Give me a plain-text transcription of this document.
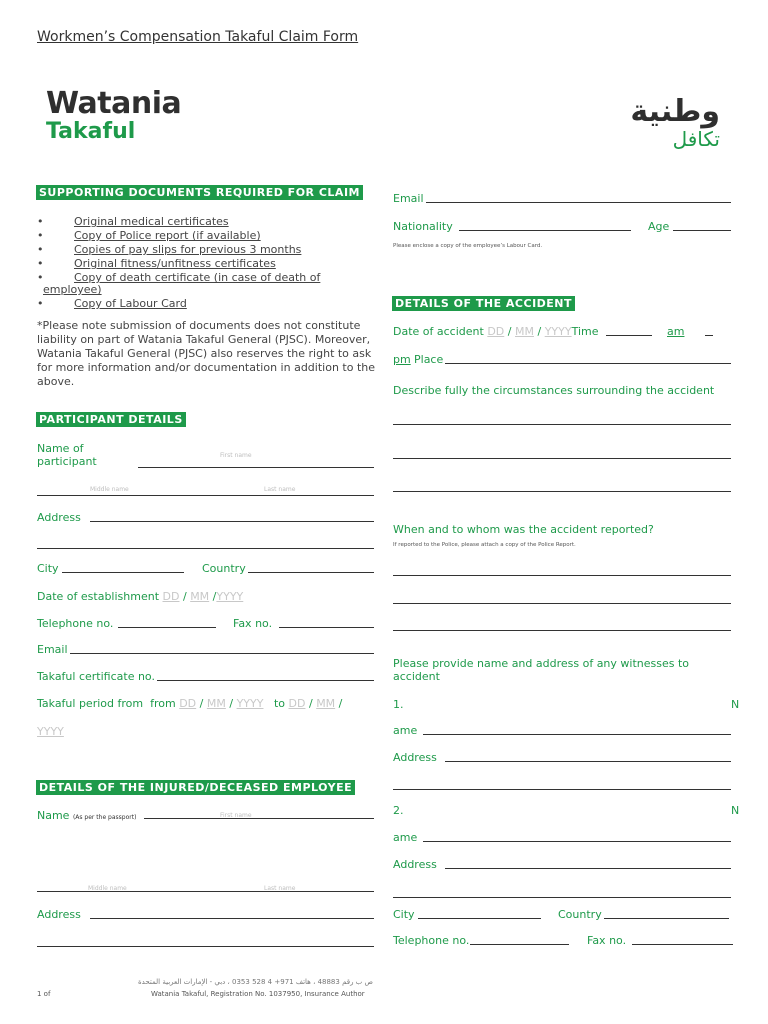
Workmen’s Compensation Takaful Claim Form
Watania
Takaful
وطنية
تكافل
SUPPORTING DOCUMENTS REQUIRED FOR CLAIM
•	Original medical certificates
•	Copy of Police report (if available)
•	Copies of pay slips for previous 3 months
•	Original fitness/unfitness certificates
•	Copy of death certificate (in case of death of
employee)
•	Copy of Labour Card
*Please note submission of documents does not constitute liability on part of Watania Takaful General (PJSC). Moreover, Watania Takaful General (PJSC) also reserves the right to ask for more information and/or documentation in addition to the above.
PARTICIPANT DETAILS
Name of
participant	First name
Middle name	Last name
Address
City	Country
Date of establishment DD / MM /YYYY
Telephone no.	Fax no.
Email
Takaful certificate no.
Takaful period from from DD / MM / YYYY to DD / MM /
YYYY
DETAILS OF THE INJURED/DECEASED EMPLOYEE
Name (As per the passport)	First name
Middle name	Last name
Address
Email
Nationality	Age
Please enclose a copy of the employee’s Labour Card.
DETAILS OF THE ACCIDENT
Date of accident DD / MM / YYYYTime	am
pm Place
Describe fully the circumstances surrounding the accident
When and to whom was the accident reported?
If reported to the Police, please attach a copy of the Police Report.
Please provide name and address of any witnesses to
accident
1.	N
ame
Address
2.	N
ame
Address
City	Country
Telephone no.	Fax no.
ص ب رقم 48883 ، هاتف 971+ 4 528 0353 ، دبي - الإمارات العربية المتحدة
Watania Takaful, Registration No. 1037950, Insurance Author
1 of
